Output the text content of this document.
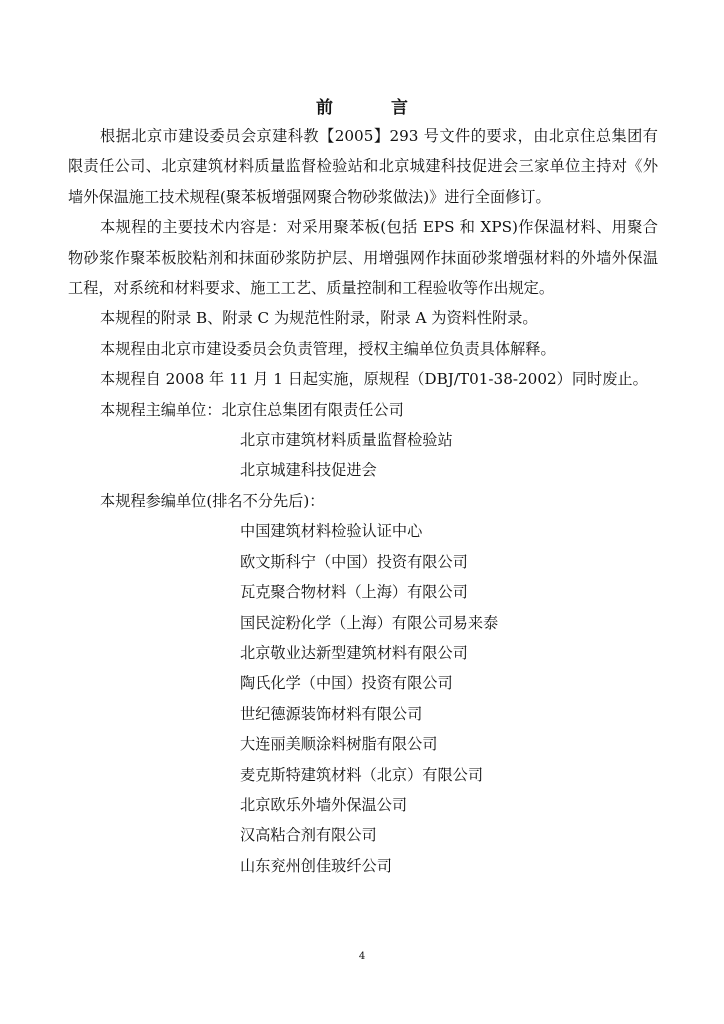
前 言

根据北京市建设委员会京建科教【2005】293 号文件的要求，由北京住总集团有限责任公司、北京建筑材料质量监督检验站和北京城建科技促进会三家单位主持对《外墙外保温施工技术规程(聚苯板增强网聚合物砂浆做法)》进行全面修订。

本规程的主要技术内容是：对采用聚苯板(包括 EPS 和 XPS)作保温材料、用聚合物砂浆作聚苯板胶粘剂和抹面砂浆防护层、用增强网作抹面砂浆增强材料的外墙外保温工程，对系统和材料要求、施工工艺、质量控制和工程验收等作出规定。

本规程的附录 B、附录 C 为规范性附录，附录 A 为资料性附录。

本规程由北京市建设委员会负责管理，授权主编单位负责具体解释。

本规程自 2008 年 11 月 1 日起实施，原规程（DBJ/T01-38-2002）同时废止。

本规程主编单位：北京住总集团有限责任公司

北京市建筑材料质量监督检验站

北京城建科技促进会

本规程参编单位(排名不分先后)：

中国建筑材料检验认证中心

欧文斯科宁（中国）投资有限公司

瓦克聚合物材料（上海）有限公司

国民淀粉化学（上海）有限公司易来泰

北京敬业达新型建筑材料有限公司

陶氏化学（中国）投资有限公司

世纪德源装饰材料有限公司

大连丽美顺涂料树脂有限公司

麦克斯特建筑材料（北京）有限公司

北京欧乐外墙外保温公司

汉高粘合剂有限公司

山东兖州创佳玻纤公司

4
